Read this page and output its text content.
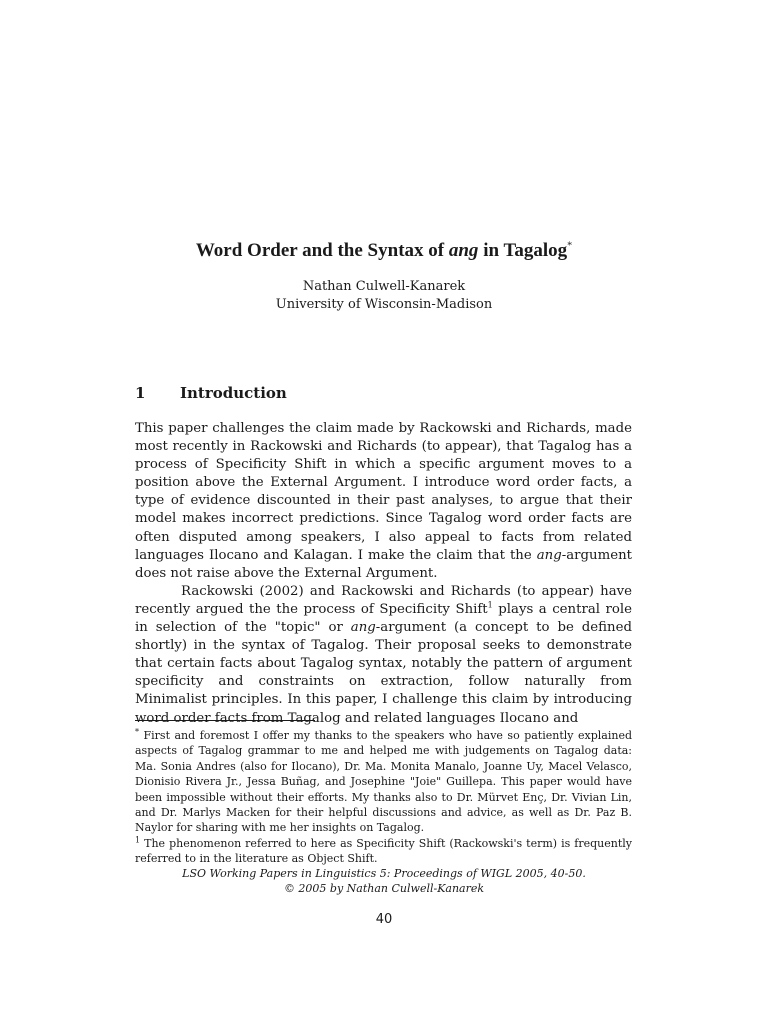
Word Order and the Syntax of ang in Tagalog*
Nathan Culwell-Kanarek
University of Wisconsin-Madison
1 Introduction

This paper challenges the claim made by Rackowski and Richards, made most recently in Rackowski and Richards (to appear), that Tagalog has a process of Specificity Shift in which a specific argument moves to a position above the External Argument. I introduce word order facts, a type of evidence discounted in their past analyses, to argue that their model makes incorrect predictions. Since Tagalog word order facts are often disputed among speakers, I also appeal to facts from related languages Ilocano and Kalagan. I make the claim that the ang-argument does not raise above the External Argument.

Rackowski (2002) and Rackowski and Richards (to appear) have recently argued the the process of Specificity Shift$^1$ plays a central role in selection of the "topic" or ang-argument (a concept to be defined shortly) in the syntax of Tagalog. Their proposal seeks to demonstrate that certain facts about Tagalog syntax, notably the pattern of argument specificity and constraints on extraction, follow naturally from Minimalist principles. In this paper, I challenge this claim by introducing word order facts from Tagalog and related languages Ilocano and

* First and foremost I offer my thanks to the speakers who have so patiently explained aspects of Tagalog grammar to me and helped me with judgements on Tagalog data: Ma. Sonia Andres (also for Ilocano), Dr. Ma. Monita Manalo, Joanne Uy, Macel Velasco, Dionisio Rivera Jr., Jessa Buñag, and Josephine "Joie" Guillepa. This paper would have been impossible without their efforts. My thanks also to Dr. Mürvet Enç, Dr. Vivian Lin, and Dr. Marlys Macken for their helpful discussions and advice, as well as Dr. Paz B. Naylor for sharing with me her insights on Tagalog.

$^1$ The phenomenon referred to here as Specificity Shift (Rackowski's term) is frequently referred to in the literature as Object Shift.

LSO Working Papers in Linguistics 5: Proceedings of WIGL 2005, 40-50.
© 2005 by Nathan Culwell-Kanarek
40
